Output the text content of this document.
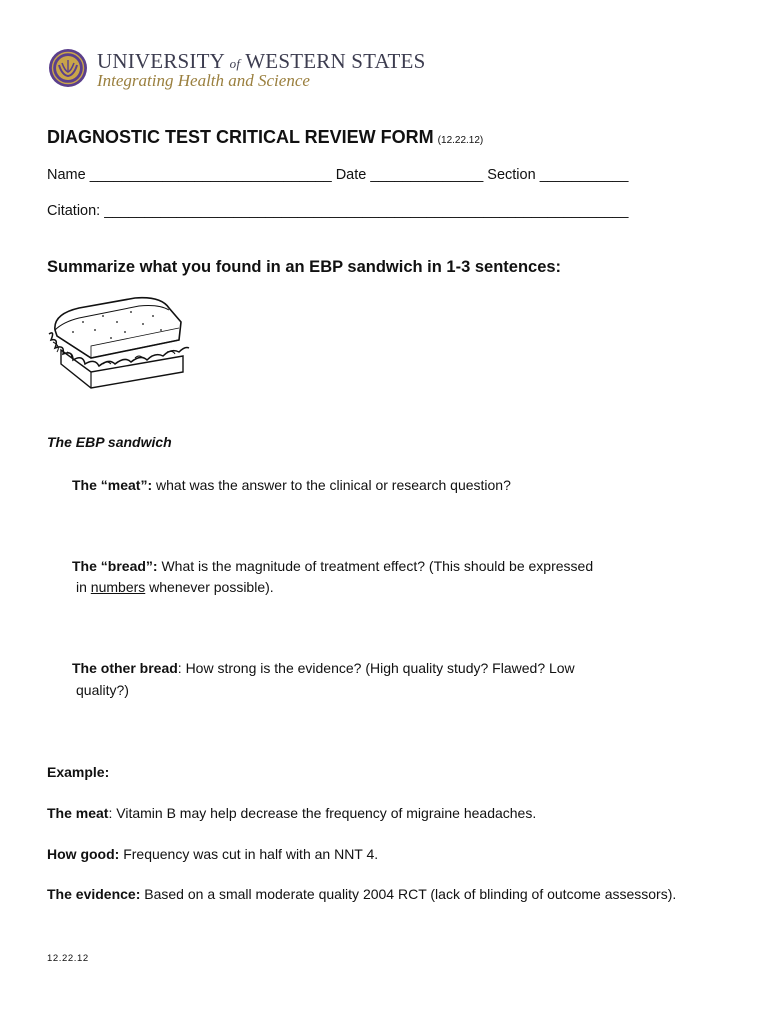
UNIVERSITY of WESTERN STATES
Integrating Health and Science
DIAGNOSTIC TEST CRITICAL REVIEW FORM (12.22.12)
Name ______________________________ Date ______________ Section ___________
Citation: _________________________________________________________________
Summarize what you found in an EBP sandwich in 1-3 sentences:
The EBP sandwich
The “meat”: what was the answer to the clinical or research question?
The “bread”: What is the magnitude of treatment effect? (This should be expressed
in numbers whenever possible).
The other bread: How strong is the evidence? (High quality study? Flawed? Low
quality?)
Example:
The meat: Vitamin B may help decrease the frequency of migraine headaches.
How good: Frequency was cut in half with an NNT 4.
The evidence: Based on a small moderate quality 2004 RCT (lack of blinding of outcome assessors).
12.22.12
